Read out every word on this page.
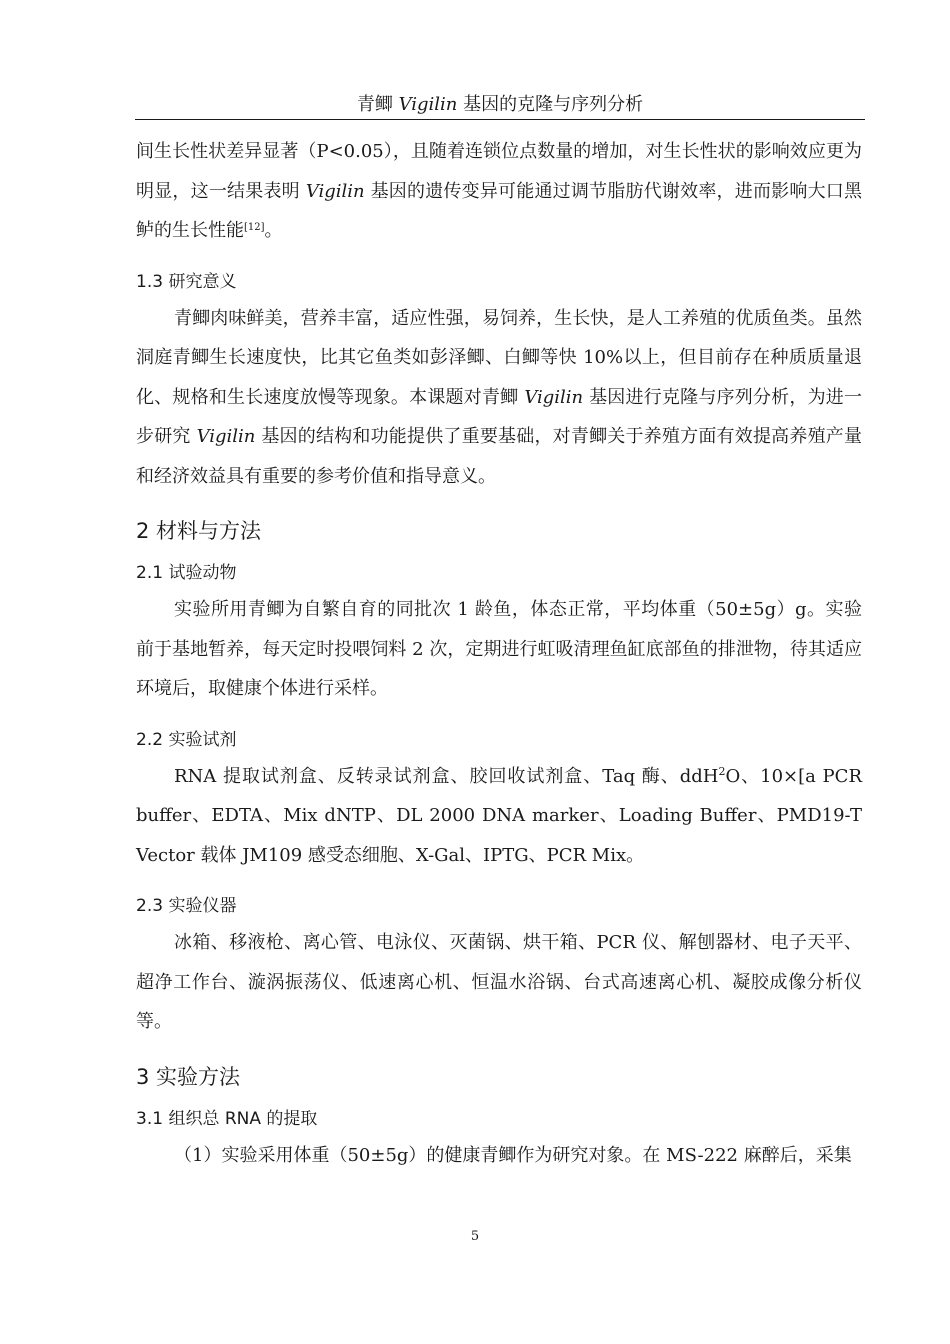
青鲫 Vigilin 基因的克隆与序列分析

间生长性状差异显著（P<0.05），且随着连锁位点数量的增加，对生长性状的影响效应更为明显，这一结果表明 Vigilin 基因的遗传变异可能通过调节脂肪代谢效率，进而影响大口黑鲈的生长性能[12]。

1.3 研究意义

青鲫肉味鲜美，营养丰富，适应性强，易饲养，生长快，是人工养殖的优质鱼类。虽然洞庭青鲫生长速度快，比其它鱼类如彭泽鲫、白鲫等快 10%以上，但目前存在种质质量退化、规格和生长速度放慢等现象。本课题对青鲫 Vigilin 基因进行克隆与序列分析，为进一步研究 Vigilin 基因的结构和功能提供了重要基础，对青鲫关于养殖方面有效提高养殖产量和经济效益具有重要的参考价值和指导意义。

2 材料与方法
2.1 试验动物

实验所用青鲫为自繁自育的同批次 1 龄鱼，体态正常，平均体重（50±5g）g。实验前于基地暂养，每天定时投喂饲料 2 次，定期进行虹吸清理鱼缸底部鱼的排泄物，待其适应环境后，取健康个体进行采样。

2.2 实验试剂

RNA 提取试剂盒、反转录试剂盒、胶回收试剂盒、Taq 酶、ddH$^2$O、10×[a PCR buffer、EDTA、Mix dNTP、DL 2000 DNA marker、Loading Buffer、PMD19-T Vector 载体 JM109 感受态细胞、X-Gal、IPTG、PCR Mix。

2.3 实验仪器

冰箱、移液枪、离心管、电泳仪、灭菌锅、烘干箱、PCR 仪、解刨器材、电子天平、超净工作台、漩涡振荡仪、低速离心机、恒温水浴锅、台式高速离心机、凝胶成像分析仪等。

3 实验方法
3.1 组织总 RNA 的提取

（1）实验采用体重（50±5g）的健康青鲫作为研究对象。在 MS-222 麻醉后，采集

5
